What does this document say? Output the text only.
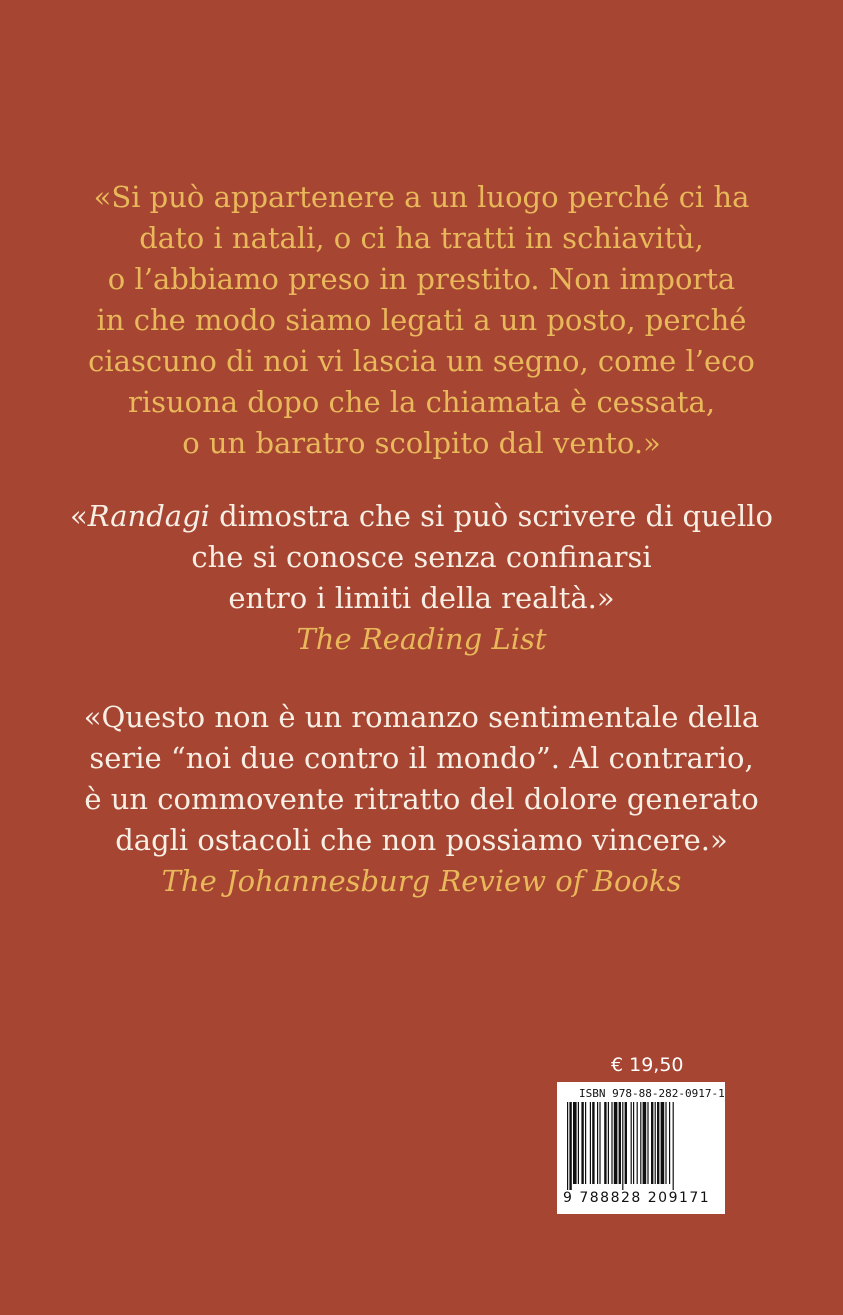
«Si può appartenere a un luogo perché ci ha
dato i natali, o ci ha tratti in schiavitù,
o l’abbiamo preso in prestito. Non importa
in che modo siamo legati a un posto, perché
ciascuno di noi vi lascia un segno, come l’eco
risuona dopo che la chiamata è cessata,
o un baratro scolpito dal vento.»
«Randagi dimostra che si può scrivere di quello
che si conosce senza confinarsi
entro i limiti della realtà.»
The Reading List
«Questo non è un romanzo sentimentale della
serie “noi due contro il mondo”. Al contrario,
è un commovente ritratto del dolore generato
dagli ostacoli che non possiamo vincere.»
The Johannesburg Review of Books
€ 19,50
ISBN 978-88-282-0917-1
9 788828 209171
